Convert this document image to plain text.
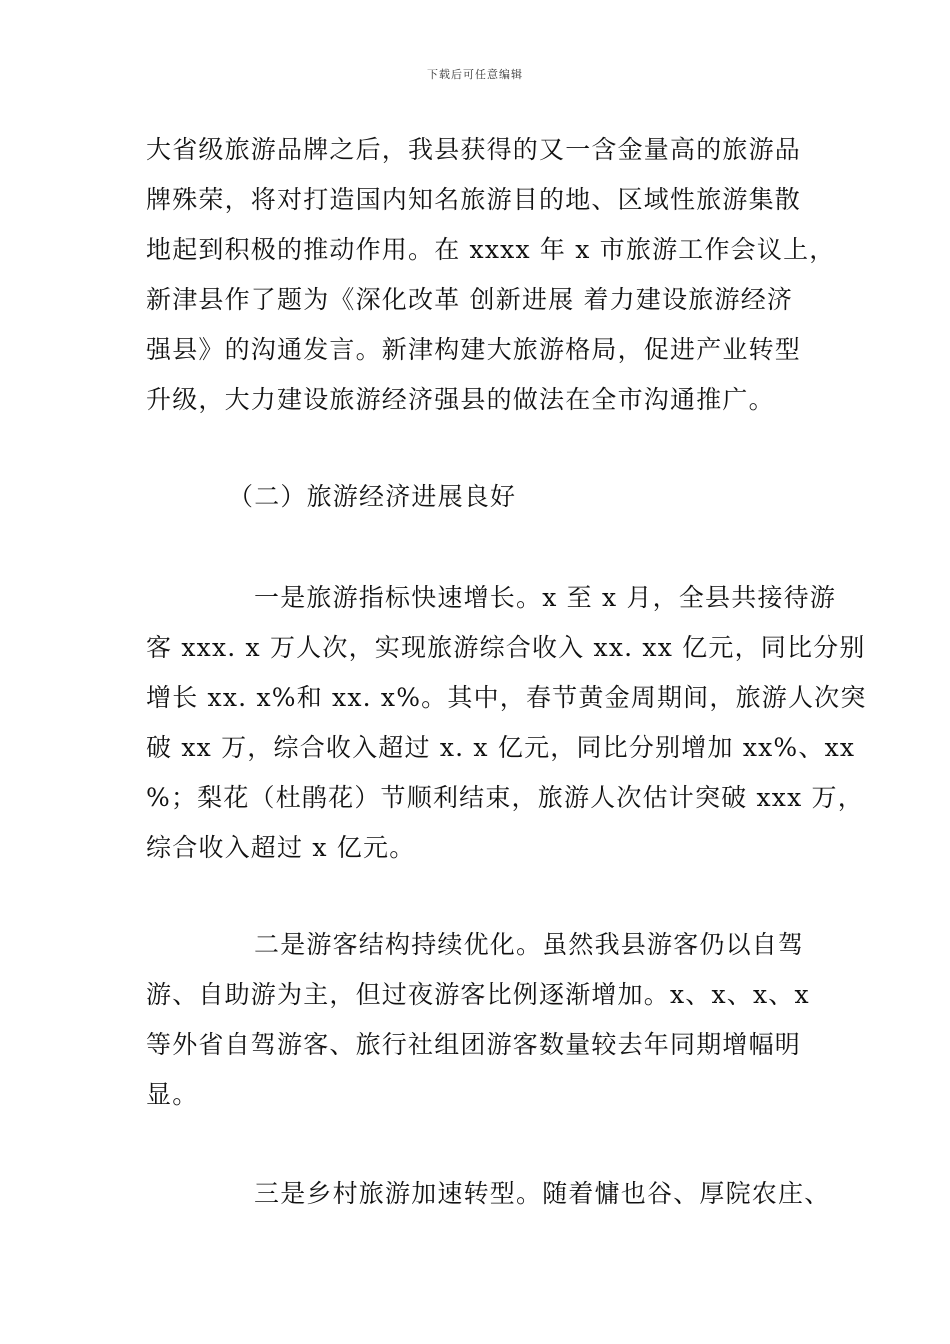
下载后可任意编辑
大省级旅游品牌之后，我县获得的又一含金量高的旅游品
牌殊荣，将对打造国内知名旅游目的地、区域性旅游集散
地起到积极的推动作用。在 xxxx 年 x 市旅游工作会议上，
新津县作了题为《深化改革 创新进展 着力建设旅游经济
强县》的沟通发言。新津构建大旅游格局，促进产业转型
升级，大力建设旅游经济强县的做法在全市沟通推广。
（二）旅游经济进展良好
一是旅游指标快速增长。x 至 x 月，全县共接待游
客 xxx. x 万人次，实现旅游综合收入 xx. xx 亿元，同比分别
增长 xx. x%和 xx. x%。其中，春节黄金周期间，旅游人次突
破 xx 万，综合收入超过 x. x 亿元，同比分别增加 xx%、xx
%；梨花（杜鹃花）节顺利结束，旅游人次估计突破 xxx 万，
综合收入超过 x 亿元。
二是游客结构持续优化。虽然我县游客仍以自驾
游、自助游为主，但过夜游客比例逐渐增加。x、x、x、x
等外省自驾游客、旅行社组团游客数量较去年同期增幅明
显。
三是乡村旅游加速转型。随着慵也谷、厚院农庄、
